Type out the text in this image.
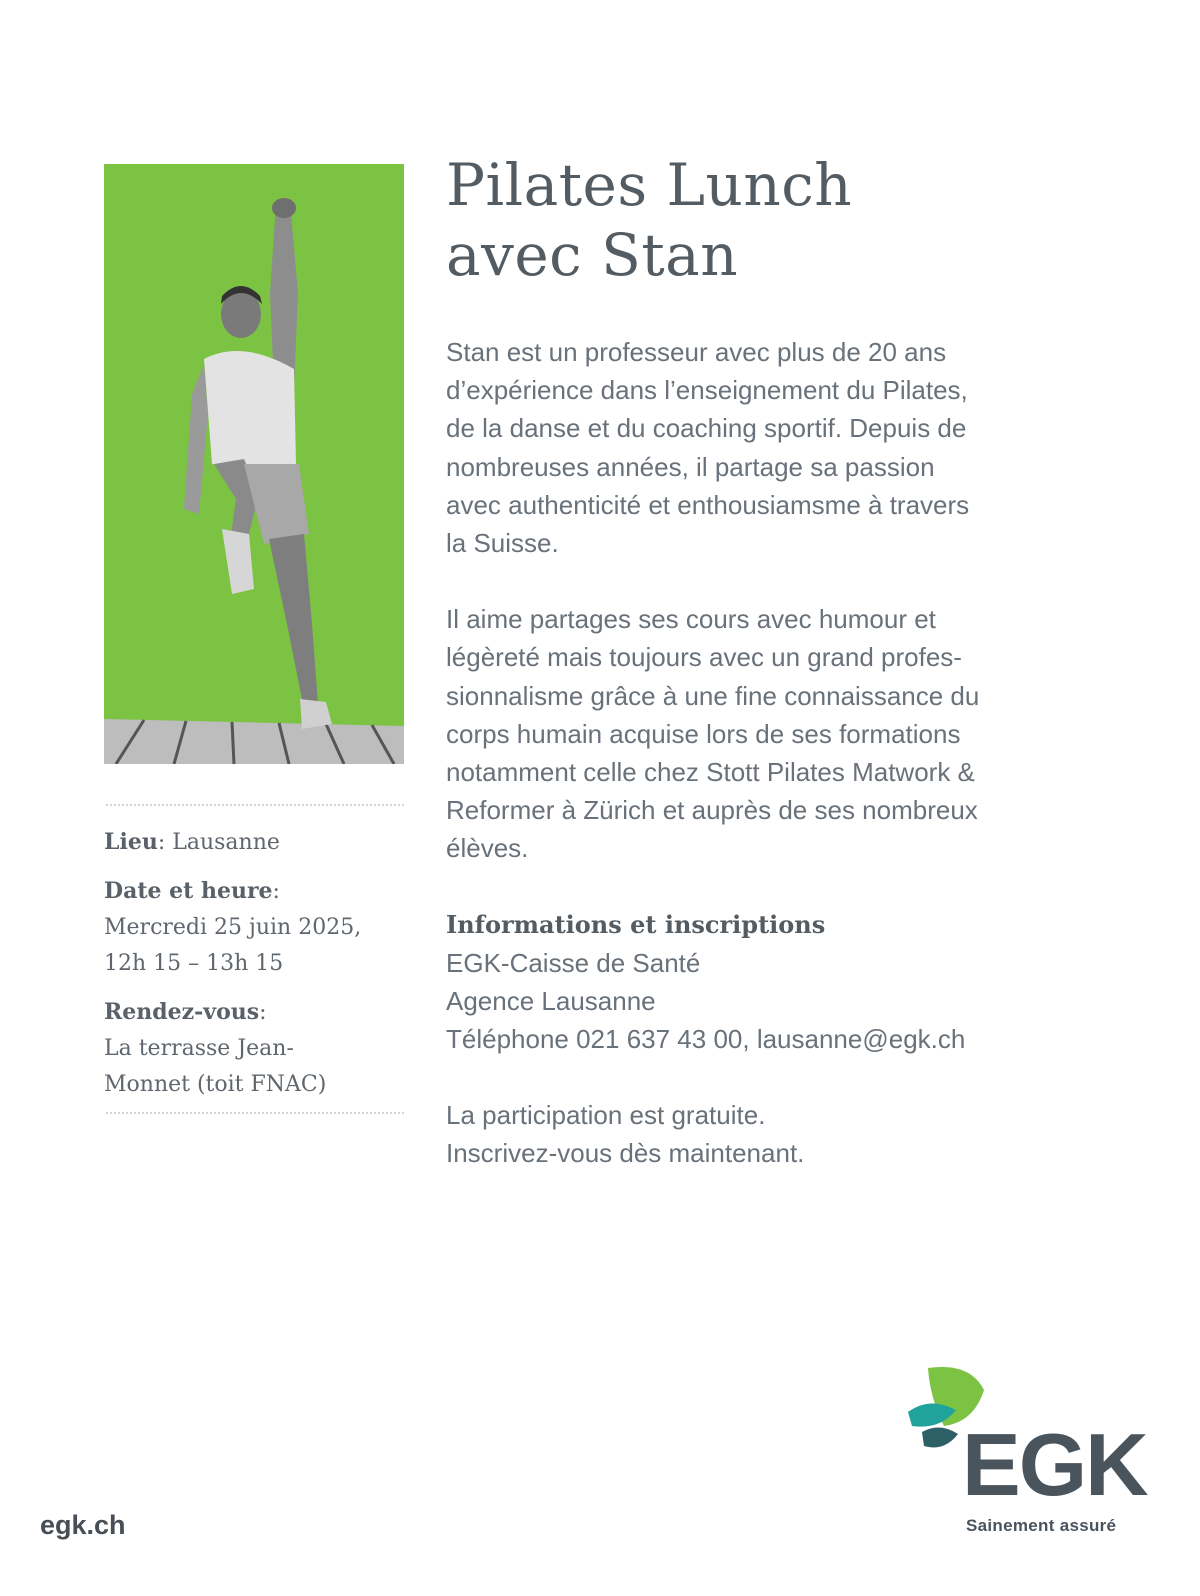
Lieu: Lausanne
Date et heure:
Mercredi 25 juin 2025,
12h 15 – 13h 15
Rendez-vous:
La terrasse Jean-
Monnet (toit FNAC)
Pilates Lunch
avec Stan

Stan est un professeur avec plus de 20 ans
d’expérience dans l’enseignement du Pilates,
de la danse et du coaching sportif. Depuis de
nombreuses années, il partage sa passion
avec authenticité et enthousiamsme à travers
la Suisse.

Il aime partages ses cours avec humour et
légèreté mais toujours avec un grand profes-
sionnalisme grâce à une fine connaissance du
corps humain acquise lors de ses formations
notamment celle chez Stott Pilates Matwork &
Reformer à Zürich et auprès de ses nombreux
élèves.

Informations et inscriptions
EGK-Caisse de Santé
Agence Lausanne
Téléphone 021 637 43 00, lausanne@egk.ch
La participation est gratuite.
Inscrivez-vous dès maintenant.
egk.ch
EGK
Sainement assuré
